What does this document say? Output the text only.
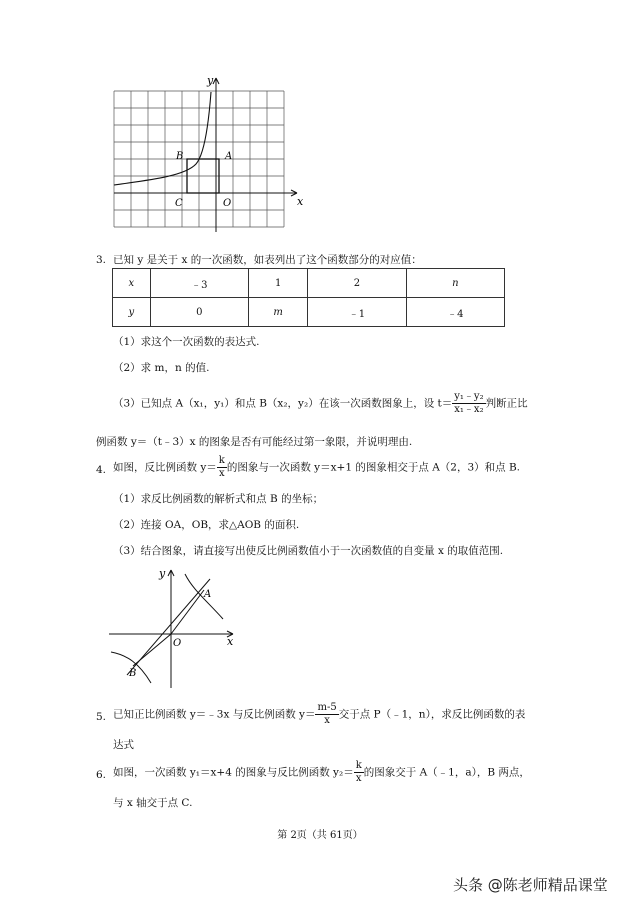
y
x
B	A
C	O
3. 已知 y 是关于 x 的一次函数，如表列出了这个函数部分的对应值：
x	﹣3	1	2	n
y	0	m	﹣1	﹣4
（1）求这个一次函数的表达式.
（2）求 m，n 的值.
（3）已知点 A（x₁，y₁）和点 B（x₂，y₂）在该一次函数图象上，设 $t= \frac{\text{y₁﹣y₂}}{\text{x₁﹣x₂}}$ 判断正比
例函数 y＝（t﹣3）x 的图象是否有可能经过第一象限，并说明理由.
4. 如图，反比例函数 $y= \frac{k}{x}$ 的图象与一次函数 y＝x+1 的图象相交于点 A（2，3）和点 B.
（1）求反比例函数的解析式和点 B 的坐标；
（2）连接 OA，OB，求△AOB 的面积.
（3）结合图象，请直接写出使反比例函数值小于一次函数值的自变量 x 的取值范围.
y
x
A
B
O
5. 已知正比例函数 y＝﹣3x 与反比例函数 $y= \frac{m-5}{x}$ 交于点 P（﹣1，n），求反比例函数的表
达式
6. 如图，一次函数 y₁＝x+4 的图象与反比例函数 $y_2= \frac{k}{x}$ 的图象交于 A（﹣1，a），B 两点，
与 x 轴交于点 C.
第 2页（共 61页）
头条 @陈老师精品课堂
